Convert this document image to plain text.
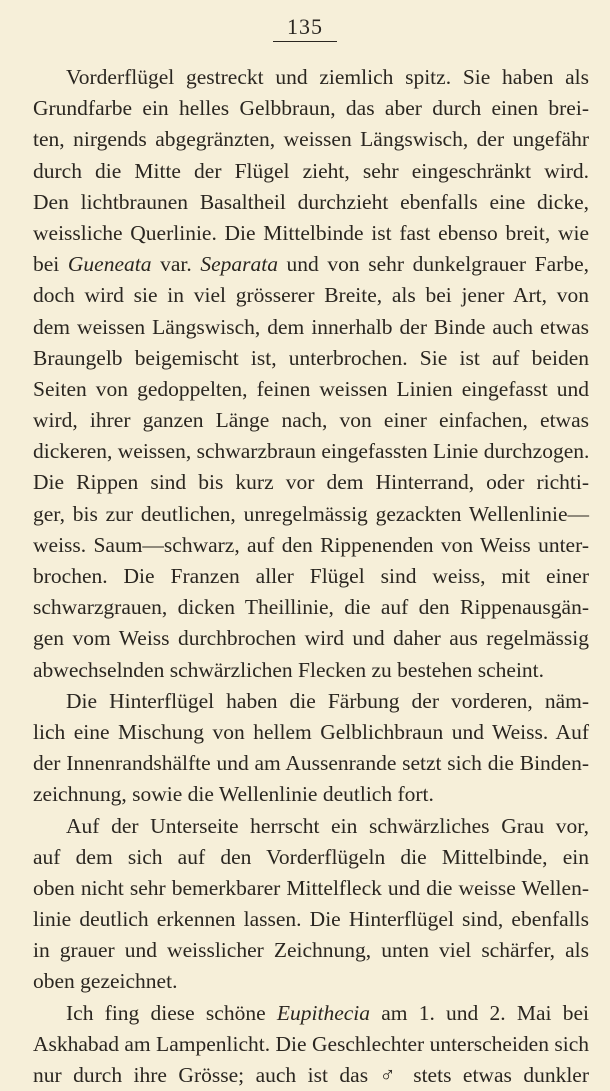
135
Vorderflügel gestreckt und ziemlich spitz. Sie haben als
Grundfarbe ein helles Gelbbraun, das aber durch einen brei-
ten, nirgends abgegränzten, weissen Längswisch, der ungefähr
durch die Mitte der Flügel zieht, sehr eingeschränkt wird.
Den lichtbraunen Basaltheil durchzieht ebenfalls eine dicke,
weissliche Querlinie. Die Mittelbinde ist fast ebenso breit, wie
bei Gueneata var. Separata und von sehr dunkelgrauer Farbe,
doch wird sie in viel grösserer Breite, als bei jener Art, von
dem weissen Längswisch, dem innerhalb der Binde auch etwas
Braungelb beigemischt ist, unterbrochen. Sie ist auf beiden
Seiten von gedoppelten, feinen weissen Linien eingefasst und
wird, ihrer ganzen Länge nach, von einer einfachen, etwas
dickeren, weissen, schwarzbraun eingefassten Linie durchzogen.
Die Rippen sind bis kurz vor dem Hinterrand, oder richti-
ger, bis zur deutlichen, unregelmässig gezackten Wellenlinie—
weiss. Saum—schwarz, auf den Rippenenden von Weiss unter-
brochen. Die Franzen aller Flügel sind weiss, mit einer
schwarzgrauen, dicken Theillinie, die auf den Rippenausgän-
gen vom Weiss durchbrochen wird und daher aus regelmässig
abwechselnden schwärzlichen Flecken zu bestehen scheint.
Die Hinterflügel haben die Färbung der vorderen, näm-
lich eine Mischung von hellem Gelblichbraun und Weiss. Auf
der Innenrandshälfte und am Aussenrande setzt sich die Binden-
zeichnung, sowie die Wellenlinie deutlich fort.
Auf der Unterseite herrscht ein schwärzliches Grau vor,
auf dem sich auf den Vorderflügeln die Mittelbinde, ein
oben nicht sehr bemerkbarer Mittelfleck und die weisse Wellen-
linie deutlich erkennen lassen. Die Hinterflügel sind, ebenfalls
in grauer und weisslicher Zeichnung, unten viel schärfer, als
oben gezeichnet.
Ich fing diese schöne Eupithecia am 1. und 2. Mai bei
Askhabad am Lampenlicht. Die Geschlechter unterscheiden sich
nur durch ihre Grösse; auch ist das ♂ stets etwas dunkler
